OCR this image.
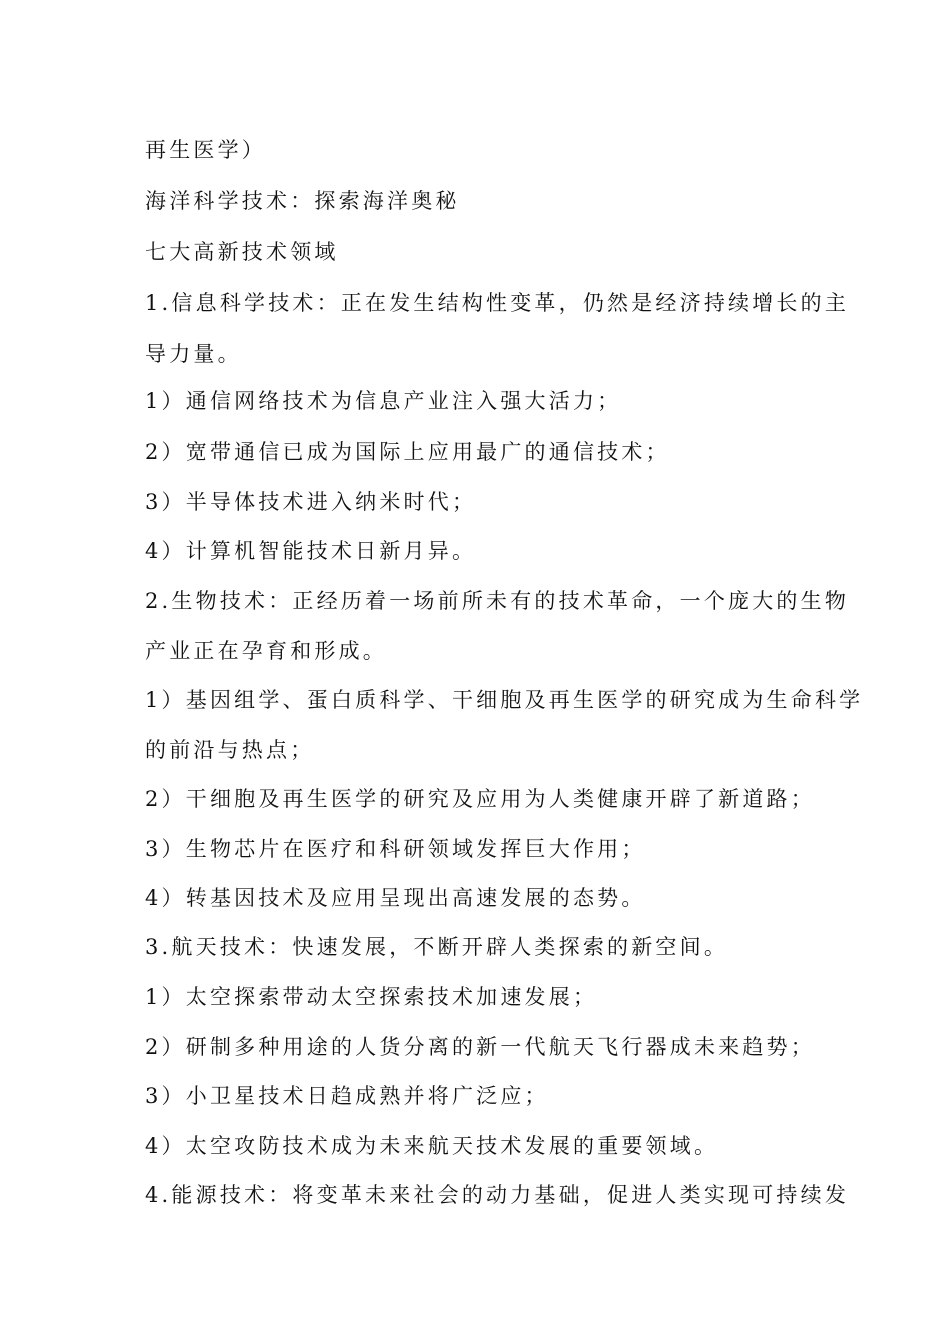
再生医学）
海洋科学技术：探索海洋奥秘
七大高新技术领域
1.信息科学技术：正在发生结构性变革，仍然是经济持续增长的主
导力量。
1）通信网络技术为信息产业注入强大活力；
2）宽带通信已成为国际上应用最广的通信技术；
3）半导体技术进入纳米时代；
4）计算机智能技术日新月异。
2.生物技术：正经历着一场前所未有的技术革命，一个庞大的生物
产业正在孕育和形成。
1）基因组学、蛋白质科学、干细胞及再生医学的研究成为生命科学
的前沿与热点；
2）干细胞及再生医学的研究及应用为人类健康开辟了新道路；
3）生物芯片在医疗和科研领域发挥巨大作用；
4）转基因技术及应用呈现出高速发展的态势。
3.航天技术：快速发展，不断开辟人类探索的新空间。
1）太空探索带动太空探索技术加速发展；
2）研制多种用途的人货分离的新一代航天飞行器成未来趋势；
3）小卫星技术日趋成熟并将广泛应；
4）太空攻防技术成为未来航天技术发展的重要领域。
4.能源技术：将变革未来社会的动力基础，促进人类实现可持续发
